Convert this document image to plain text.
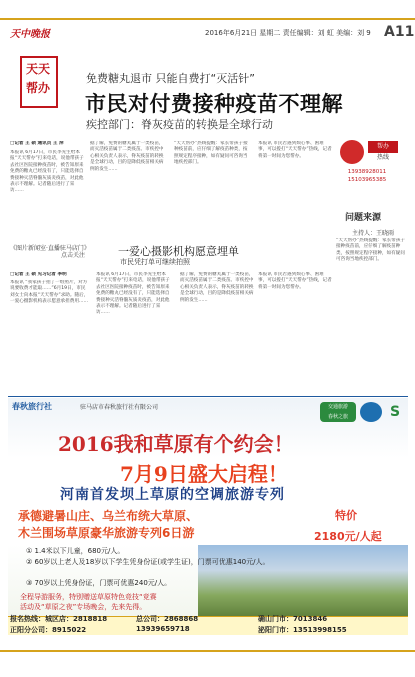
天中晚报	2016年6月21日 星期二 责任编辑：刘 虹 美编：刘 9 A11
天天
帮办
免费糖丸退市 只能自费打“灭活针”
市民对付费接种疫苗不理解
疾控部门：脊灰疫苗的转换是全球行动
□记者 王 硕 通讯员 王 萍
本报讯 6月17日，市民李先生给本报“天天帮办”打来电话，说他带孩子去社区医院接种疫苗时，被告知原来免费的糖丸已经没有了，只能选择自费接种灭活脊髓灰质炎疫苗，对此他表示不理解。记者随后进行了采访……
据了解，免费的糖丸属于一类疫苗，而灭活疫苗属于二类疫苗。市疾控中心相关负责人表示，脊灰疫苗的转换是全球行动，目的是降低疫苗相关病例的发生……
“天天帮办”热线提醒：家长带孩子接种疫苗前，应仔细了解疫苗种类，按照规定程序接种，如有疑问可咨询当地疾控部门。
本报讯 市民若遇到烦心事、困难事，可以拨打“天天帮办”热线，记者将第一时间为您帮办。
帮办
热线
13938928011
15103965385
问题来源
主持人：王晓雨
“天天帮办”热线提醒：家长带孩子接种疫苗前，应仔细了解疫苗种类，按照规定程序接种，如有疑问可咨询当地疾控部门。
《图片新闻室·直播驻马店门》
点击关注	一爱心摄影机构愿意埋单
市民凭打单可继续拍照
□记者 王 硕 见习记者 李明
本报讯 “我家孩子拍了一组照片，对方说要收费才能取……”6月19日，市民刘女士向本报“天天帮办”求助。随后，一爱心摄影机构表示愿意承担费用……
本报讯 6月17日，市民李先生给本报“天天帮办”打来电话，说他带孩子去社区医院接种疫苗时，被告知原来免费的糖丸已经没有了，只能选择自费接种灭活脊髓灰质炎疫苗，对此他表示不理解。记者随后进行了采访……
据了解，免费的糖丸属于一类疫苗，而灭活疫苗属于二类疫苗。市疾控中心相关负责人表示，脊灰疫苗的转换是全球行动，目的是降低疫苗相关病例的发生……
本报讯 市民若遇到烦心事、困难事，可以拨打“天天帮办”热线，记者将第一时间为您帮办。
春秋旅行社	驻马店市春秋旅行社有限公司	交通旅游
春秋之旅	S
2016我和草原有个约会！
7月9日盛大启程！
河南首发坝上草原的空调旅游专列
承德避暑山庄、乌兰布统大草原、
木兰围场草原豪华旅游专列6日游
特价
2180元/人起
① 1.4米以下儿童，680元/人。
② 60岁以上老人及18岁以下学生凭身份证(或学生证)，门票可优惠140元/人。
③ 70岁以上凭身份证，门票可优惠240元/人。
全程导游服务，特别赠送草原特色竞技“竞赛
活动及“草原之夜”专场晚会，先来先得。
报名热线：城区店：2818818	总公司：2868868	确山门市：7013846
正阳分公司：8915022	13939659718	泌阳门市：13513998155
